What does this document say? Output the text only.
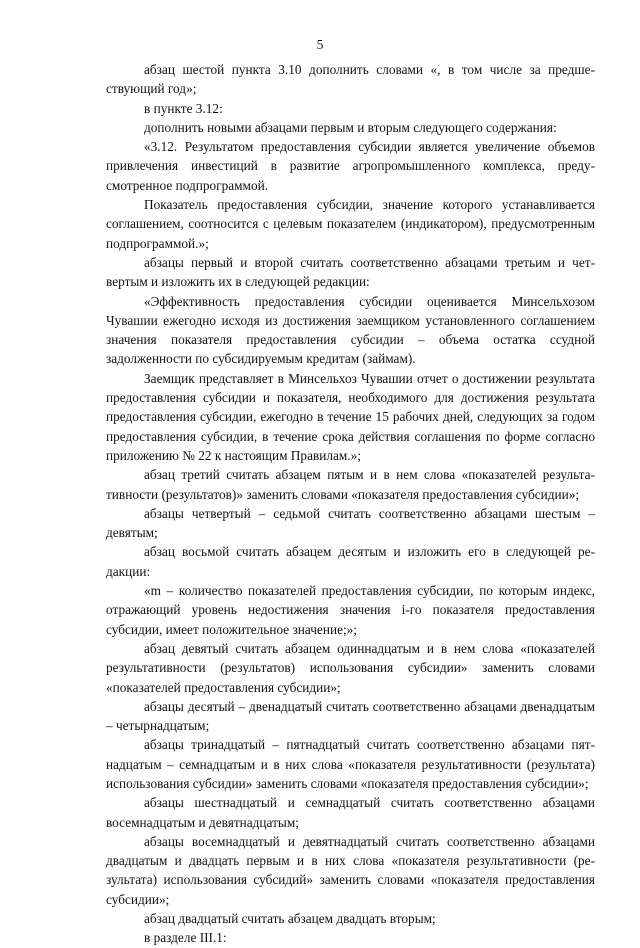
5

абзац шестой пункта 3.10 дополнить словами «, в том числе за предшествующий год»;

в пункте 3.12:

дополнить новыми абзацами первым и вторым следующего содержания:

«3.12. Результатом предоставления субсидии является увеличение объемов привлечения инвестиций в развитие агропромышленного комплекса, предусмотренное подпрограммой.

Показатель предоставления субсидии, значение которого устанавливается соглашением, соотносится с целевым показателем (индикатором), предусмотренным подпрограммой.»;

абзацы первый и второй считать соответственно абзацами третьим и четвертым и изложить их в следующей редакции:

«Эффективность предоставления субсидии оценивается Минсельхозом Чувашии ежегодно исходя из достижения заемщиком установленного соглашением значения показателя предоставления субсидии – объема остатка ссудной задолженности по субсидируемым кредитам (займам).

Заемщик представляет в Минсельхоз Чувашии отчет о достижении результата предоставления субсидии и показателя, необходимого для достижения результата предоставления субсидии, ежегодно в течение 15 рабочих дней, следующих за годом предоставления субсидии, в течение срока действия соглашения по форме согласно приложению № 22 к настоящим Правилам.»;

абзац третий считать абзацем пятым и в нем слова «показателей результативности (результатов)» заменить словами «показателя предоставления субсидии»;

абзацы четвертый – седьмой считать соответственно абзацами шестым – девятым;

абзац восьмой считать абзацем десятым и изложить его в следующей редакции:

«m – количество показателей предоставления субсидии, по которым индекс, отражающий уровень недостижения значения i-го показателя предоставления субсидии, имеет положительное значение;»;

абзац девятый считать абзацем одиннадцатым и в нем слова «показателей результативности (результатов) использования субсидии» заменить словами «показателей предоставления субсидии»;

абзацы десятый – двенадцатый считать соответственно абзацами двенадцатым – четырнадцатым;

абзацы тринадцатый – пятнадцатый считать соответственно абзацами пятнадцатым – семнадцатым и в них слова «показателя результативности (результата) использования субсидии» заменить словами «показателя предоставления субсидии»;

абзацы шестнадцатый и семнадцатый считать соответственно абзацами восемнадцатым и девятнадцатым;

абзацы восемнадцатый и девятнадцатый считать соответственно абзацами двадцатым и двадцать первым и в них слова «показателя результативности (результата) использования субсидий» заменить словами «показателя предоставления субсидии»;

абзац двадцатый считать абзацем двадцать вторым;

в разделе III.1:
